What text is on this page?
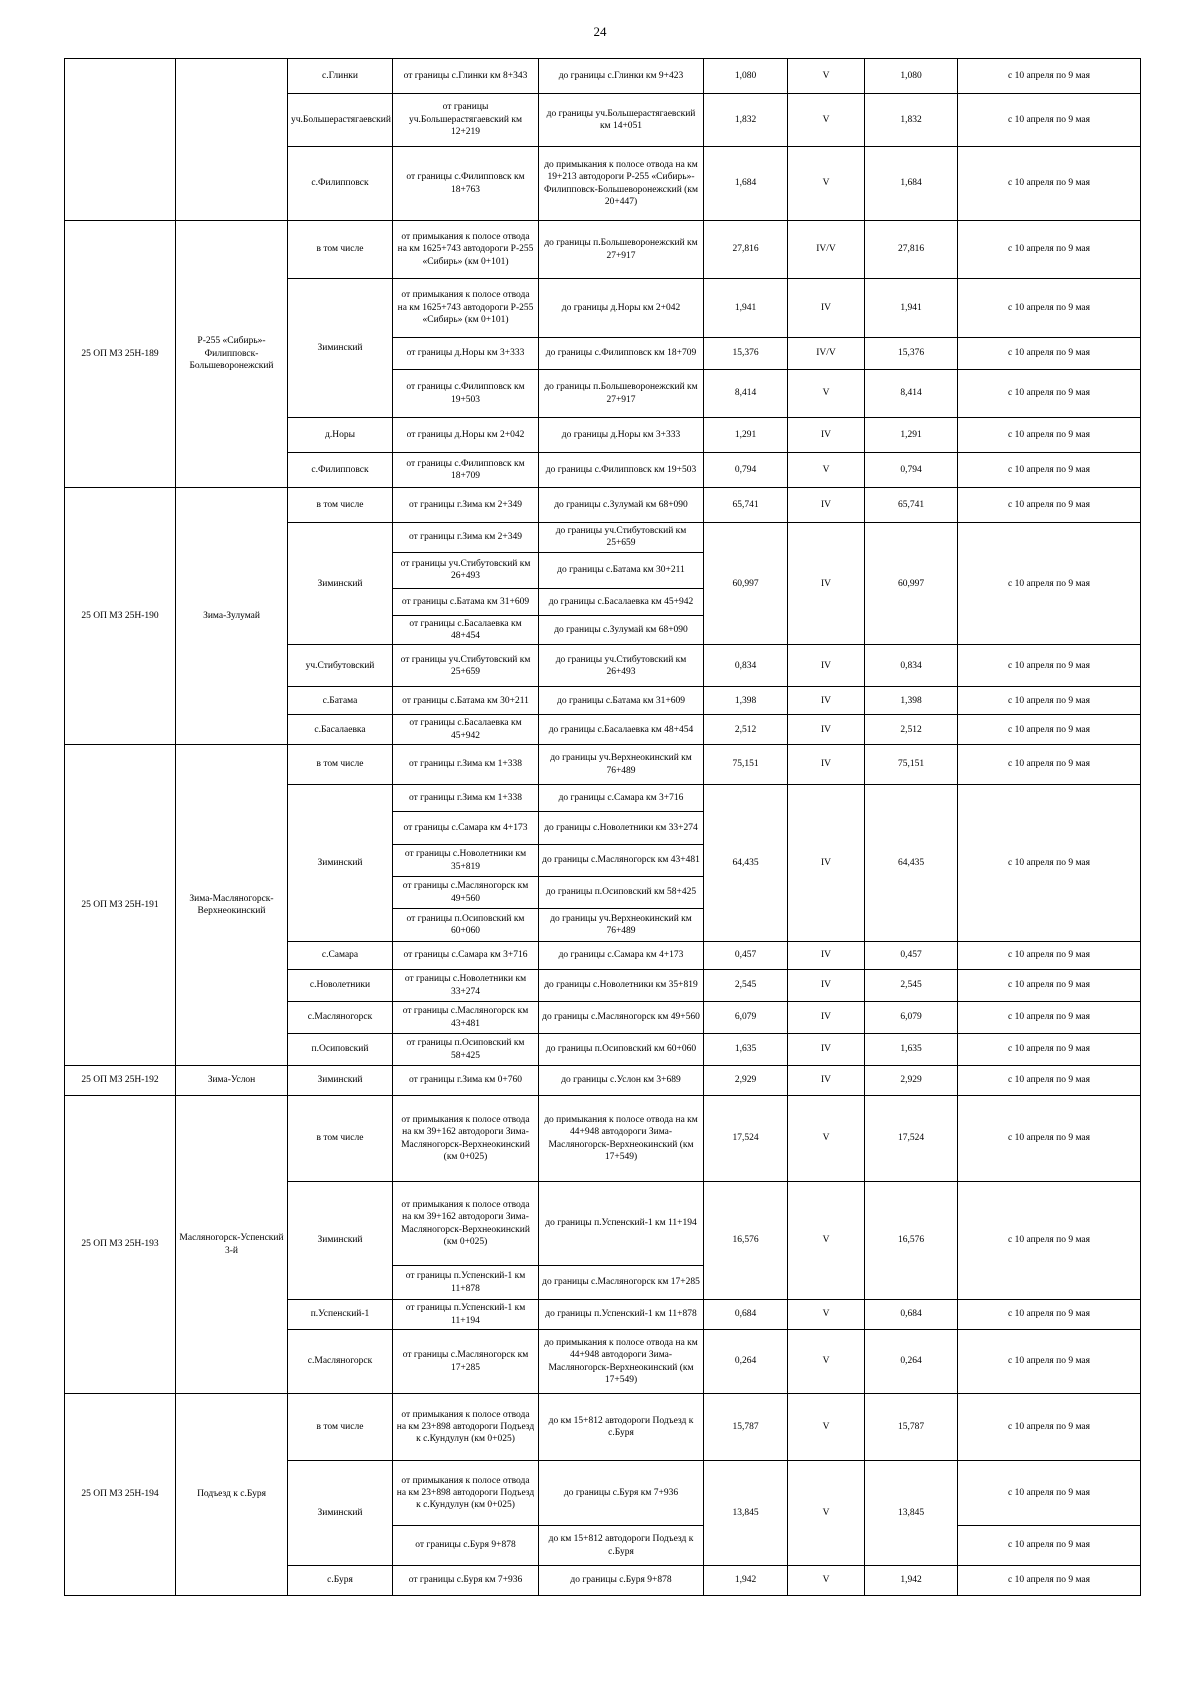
24
		с.Глинки	от границы с.Глинки км 8+343	до границы с.Глинки км 9+423	1,080	V	1,080	с 10 апреля по 9 мая
		уч.Большерастягаевский	от границы уч.Большерастягаевский км 12+219	до границы уч.Большерастягаевский км 14+051	1,832	V	1,832	с 10 апреля по 9 мая
		с.Филипповск	от границы с.Филипповск км 18+763	до примыкания к полосе отвода на км 19+213 автодороги Р-255 «Сибирь»-Филипповск-Большеворонежский (км 20+447)	1,684	V	1,684	с 10 апреля по 9 мая
25 ОП МЗ 25Н-189	Р-255 «Сибирь»-Филипповск-Большеворонежский	в том числе	от примыкания к полосе отвода на км 1625+743 автодороги Р-255 «Сибирь» (км 0+101)	до границы п.Большеворонежский км 27+917	27,816	IV/V	27,816	с 10 апреля по 9 мая
		Зиминский	от примыкания к полосе отвода на км 1625+743 автодороги Р-255 «Сибирь» (км 0+101)	до границы д.Норы км 2+042	1,941	IV	1,941	с 10 апреля по 9 мая
			от границы д.Норы км 3+333	до границы с.Филипповск км 18+709	15,376	IV/V	15,376	с 10 апреля по 9 мая
			от границы с.Филипповск км 19+503	до границы п.Большеворонежский км 27+917	8,414	V	8,414	с 10 апреля по 9 мая
		д.Норы	от границы д.Норы км 2+042	до границы д.Норы км 3+333	1,291	IV	1,291	с 10 апреля по 9 мая
		с.Филипповск	от границы с.Филипповск км 18+709	до границы с.Филипповск км 19+503	0,794	V	0,794	с 10 апреля по 9 мая
25 ОП МЗ 25Н-190	Зима-Зулумай	в том числе	от границы г.Зима км 2+349	до границы с.Зулумай км 68+090	65,741	IV	65,741	с 10 апреля по 9 мая
		Зиминский	от границы г.Зима км 2+349	до границы уч.Стибутовский км 25+659	60,997	IV	60,997	с 10 апреля по 9 мая
			от границы уч.Стибутовский км 26+493	до границы с.Батама км 30+211				
			от границы с.Батама км 31+609	до границы с.Басалаевка км 45+942				
			от границы с.Басалаевка км 48+454	до границы с.Зулумай км 68+090				
		уч.Стибутовский	от границы уч.Стибутовский км 25+659	до границы уч.Стибутовский км 26+493	0,834	IV	0,834	с 10 апреля по 9 мая
		с.Батама	от границы с.Батама км 30+211	до границы с.Батама км 31+609	1,398	IV	1,398	с 10 апреля по 9 мая
		с.Басалаевка	от границы с.Басалаевка км 45+942	до границы с.Басалаевка км 48+454	2,512	IV	2,512	с 10 апреля по 9 мая
25 ОП МЗ 25Н-191	Зима-Масляногорск-Верхнеокинский	в том числе	от границы г.Зима км 1+338	до границы уч.Верхнеокинский км 76+489	75,151	IV	75,151	с 10 апреля по 9 мая
		Зиминский	от границы г.Зима км 1+338	до границы с.Самара км 3+716	64,435	IV	64,435	с 10 апреля по 9 мая
			от границы с.Самара км 4+173	до границы с.Новолетники км 33+274				
			от границы с.Новолетники км 35+819	до границы с.Масляногорск км 43+481				
			от границы с.Масляногорск км 49+560	до границы п.Осиповский км 58+425				
			от границы п.Осиповский км 60+060	до границы уч.Верхнеокинский км 76+489				
		с.Самара	от границы с.Самара км 3+716	до границы с.Самара км 4+173	0,457	IV	0,457	с 10 апреля по 9 мая
		с.Новолетники	от границы с.Новолетники км 33+274	до границы с.Новолетники км 35+819	2,545	IV	2,545	с 10 апреля по 9 мая
		с.Масляногорск	от границы с.Масляногорск км 43+481	до границы с.Масляногорск км 49+560	6,079	IV	6,079	с 10 апреля по 9 мая
		п.Осиповский	от границы п.Осиповский км 58+425	до границы п.Осиповский км 60+060	1,635	IV	1,635	с 10 апреля по 9 мая
25 ОП МЗ 25Н-192	Зима-Услон	Зиминский	от границы г.Зима км 0+760	до границы с.Услон км 3+689	2,929	IV	2,929	с 10 апреля по 9 мая
25 ОП МЗ 25Н-193	Масляногорск-Успенский 3-й	в том числе	от примыкания к полосе отвода на км 39+162 автодороги Зима-Масляногорск-Верхнеокинский (км 0+025)	до примыкания к полосе отвода на км 44+948 автодороги Зима-Масляногорск-Верхнеокинский (км 17+549)	17,524	V	17,524	с 10 апреля по 9 мая
		Зиминский	от примыкания к полосе отвода на км 39+162 автодороги Зима-Масляногорск-Верхнеокинский (км 0+025)	до границы п.Успенский-1 км 11+194	16,576	V	16,576	с 10 апреля по 9 мая
			от границы п.Успенский-1 км 11+878	до границы с.Масляногорск км 17+285				
		п.Успенский-1	от границы п.Успенский-1 км 11+194	до границы п.Успенский-1 км 11+878	0,684	V	0,684	с 10 апреля по 9 мая
		с.Масляногорск	от границы с.Масляногорск км 17+285	до примыкания к полосе отвода на км 44+948 автодороги Зима-Масляногорск-Верхнеокинский (км 17+549)	0,264	V	0,264	с 10 апреля по 9 мая
25 ОП МЗ 25Н-194	Подъезд к с.Буря	в том числе	от примыкания к полосе отвода на км 23+898 автодороги Подъезд к с.Кундулун (км 0+025)	до км 15+812 автодороги Подъезд к с.Буря	15,787	V	15,787	с 10 апреля по 9 мая
		Зиминский	от примыкания к полосе отвода на км 23+898 автодороги Подъезд к с.Кундулун (км 0+025)	до границы с.Буря км 7+936	13,845	V	13,845	с 10 апреля по 9 мая
			от границы с.Буря 9+878	до км 15+812 автодороги Подъезд к с.Буря				с 10 апреля по 9 мая
		с.Буря	от границы с.Буря км 7+936	до границы с.Буря 9+878	1,942	V	1,942	с 10 апреля по 9 мая
